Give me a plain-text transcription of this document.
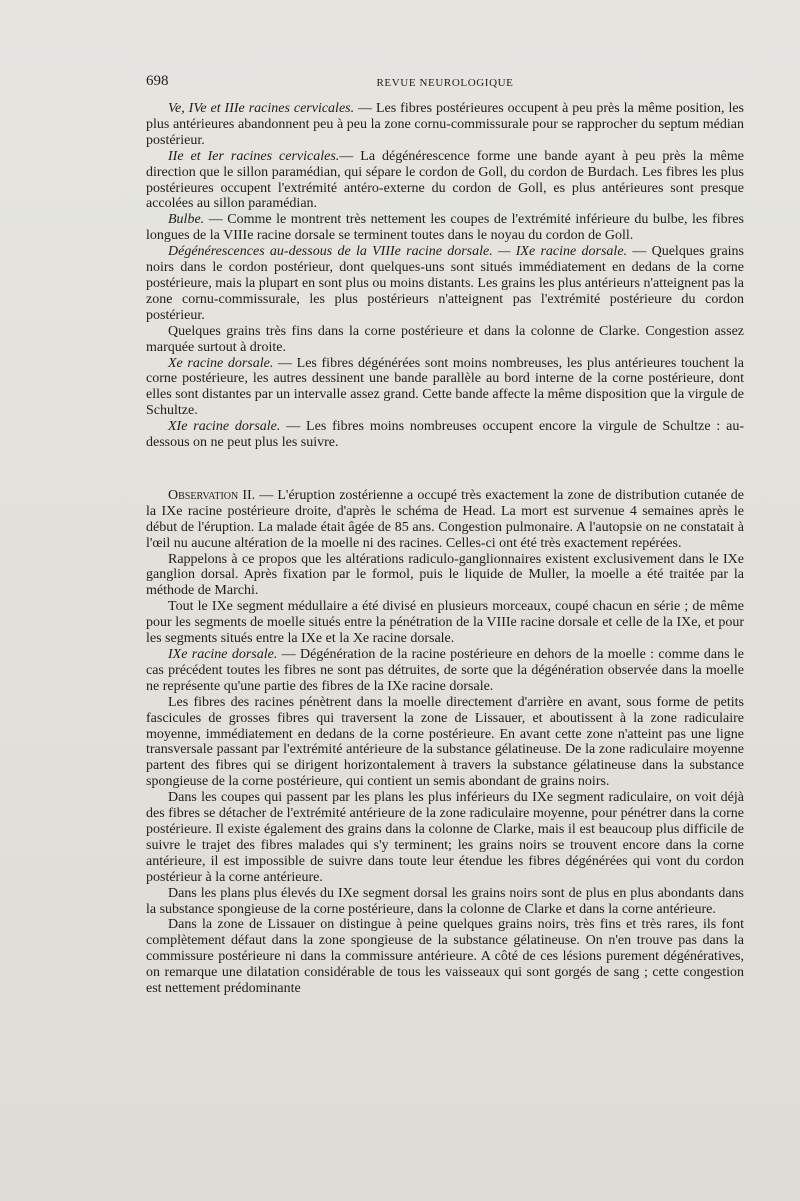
698	REVUE NEUROLOGIQUE

Ve, IVe et IIIe racines cervicales. — Les fibres postérieures occupent à peu près la même position, les plus antérieures abandonnent peu à peu la zone cornu-commissurale pour se rapprocher du septum médian postérieur.

IIe et Ier racines cervicales.— La dégénérescence forme une bande ayant à peu près la même direction que le sillon paramédian, qui sépare le cordon de Goll, du cordon de Burdach. Les fibres les plus postérieures occupent l'extrémité antéro-externe du cordon de Goll, es plus antérieures sont presque accolées au sillon paramédian.

Bulbe. — Comme le montrent très nettement les coupes de l'extrémité inférieure du bulbe, les fibres longues de la VIIIe racine dorsale se terminent toutes dans le noyau du cordon de Goll.

Dégénérescences au-dessous de la VIIIe racine dorsale. — IXe racine dorsale. — Quelques grains noirs dans le cordon postérieur, dont quelques-uns sont situés immédiatement en dedans de la corne postérieure, mais la plupart en sont plus ou moins distants. Les grains les plus antérieurs n'atteignent pas la zone cornu-commissurale, les plus postérieurs n'atteignent pas l'extrémité postérieure du cordon postérieur.

Quelques grains très fins dans la corne postérieure et dans la colonne de Clarke. Congestion assez marquée surtout à droite.

Xe racine dorsale. — Les fibres dégénérées sont moins nombreuses, les plus antérieures touchent la corne postérieure, les autres dessinent une bande parallèle au bord interne de la corne postérieure, dont elles sont distantes par un intervalle assez grand. Cette bande affecte la même disposition que la virgule de Schultze.

XIe racine dorsale. — Les fibres moins nombreuses occupent encore la virgule de Schultze : au-dessous on ne peut plus les suivre.

Observation II. — L'éruption zostérienne a occupé très exactement la zone de distribution cutanée de la IXe racine postérieure droite, d'après le schéma de Head. La mort est survenue 4 semaines après le début de l'éruption. La malade était âgée de 85 ans. Congestion pulmonaire. A l'autopsie on ne constatait à l'œil nu aucune altération de la moelle ni des racines. Celles-ci ont été très exactement repérées.

Rappelons à ce propos que les altérations radiculo-ganglionnaires existent exclusivement dans le IXe ganglion dorsal. Après fixation par le formol, puis le liquide de Muller, la moelle a été traitée par la méthode de Marchi.

Tout le IXe segment médullaire a été divisé en plusieurs morceaux, coupé chacun en série ; de même pour les segments de moelle situés entre la pénétration de la VIIIe racine dorsale et celle de la IXe, et pour les segments situés entre la IXe et la Xe racine dorsale.

IXe racine dorsale. — Dégénération de la racine postérieure en dehors de la moelle : comme dans le cas précédent toutes les fibres ne sont pas détruites, de sorte que la dégénération observée dans la moelle ne représente qu'une partie des fibres de la IXe racine dorsale.

Les fibres des racines pénètrent dans la moelle directement d'arrière en avant, sous forme de petits fascicules de grosses fibres qui traversent la zone de Lissauer, et aboutissent à la zone radiculaire moyenne, immédiatement en dedans de la corne postérieure. En avant cette zone n'atteint pas une ligne transversale passant par l'extrémité antérieure de la substance gélatineuse. De la zone radiculaire moyenne partent des fibres qui se dirigent horizontalement à travers la substance gélatineuse dans la substance spongieuse de la corne postérieure, qui contient un semis abondant de grains noirs.

Dans les coupes qui passent par les plans les plus inférieurs du IXe segment radiculaire, on voit déjà des fibres se détacher de l'extrémité antérieure de la zone radiculaire moyenne, pour pénétrer dans la corne postérieure. Il existe également des grains dans la colonne de Clarke, mais il est beaucoup plus difficile de suivre le trajet des fibres malades qui s'y terminent; les grains noirs se trouvent encore dans la corne antérieure, il est impossible de suivre dans toute leur étendue les fibres dégénérées qui vont du cordon postérieur à la corne antérieure.

Dans les plans plus élevés du IXe segment dorsal les grains noirs sont de plus en plus abondants dans la substance spongieuse de la corne postérieure, dans la colonne de Clarke et dans la corne antérieure.

Dans la zone de Lissauer on distingue à peine quelques grains noirs, très fins et très rares, ils font complètement défaut dans la zone spongieuse de la substance gélatineuse. On n'en trouve pas dans la commissure postérieure ni dans la commissure antérieure. A côté de ces lésions purement dégénératives, on remarque une dilatation considérable de tous les vaisseaux qui sont gorgés de sang ; cette congestion est nettement prédominante
